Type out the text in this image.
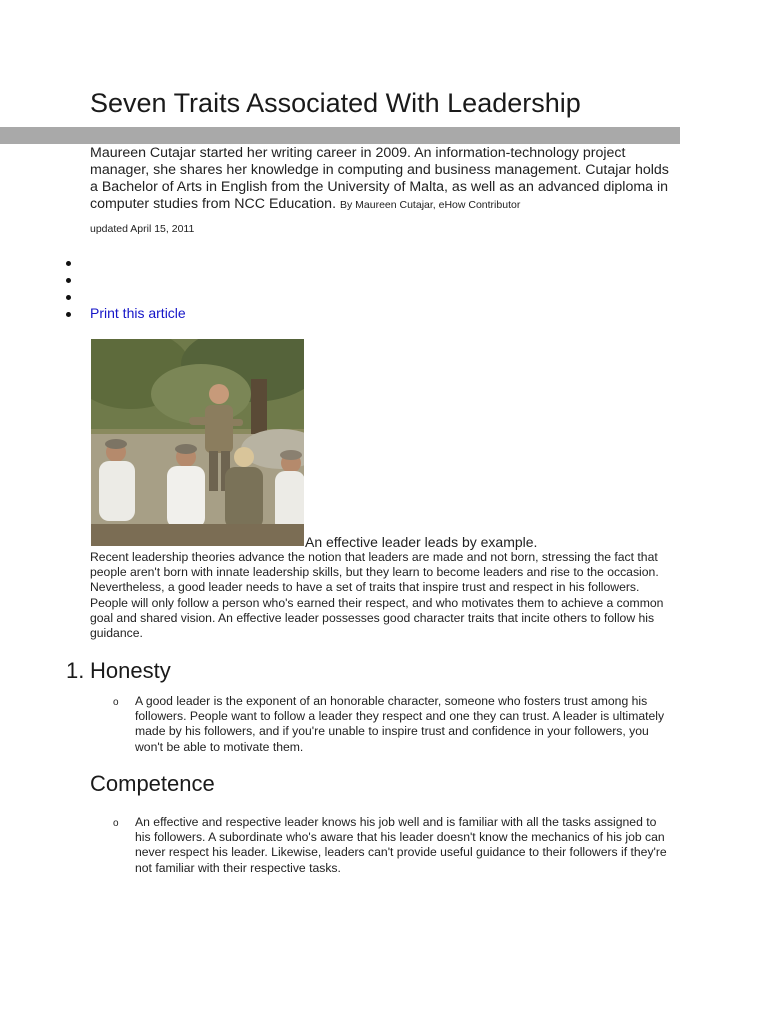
Seven Traits Associated With Leadership
Maureen Cutajar started her writing career in 2009. An information-technology project manager, she shares her knowledge in computing and business management. Cutajar holds a Bachelor of Arts in English from the University of Malta, as well as an advanced diploma in computer studies from NCC Education. By Maureen Cutajar, eHow Contributor
updated April 15, 2011
Print this article
An effective leader leads by example.
Recent leadership theories advance the notion that leaders are made and not born, stressing the fact that people aren't born with innate leadership skills, but they learn to become leaders and rise to the occasion. Nevertheless, a good leader needs to have a set of traits that inspire trust and respect in his followers. People will only follow a person who's earned their respect, and who motivates them to achieve a common goal and shared vision. An effective leader possesses good character traits that incite others to follow his guidance.
1. Honesty
o A good leader is the exponent of an honorable character, someone who fosters trust among his followers. People want to follow a leader they respect and one they can trust. A leader is ultimately made by his followers, and if you're unable to inspire trust and confidence in your followers, you won't be able to motivate them.
Competence
o An effective and respective leader knows his job well and is familiar with all the tasks assigned to his followers. A subordinate who's aware that his leader doesn't know the mechanics of his job can never respect his leader. Likewise, leaders can't provide useful guidance to their followers if they're not familiar with their respective tasks.
